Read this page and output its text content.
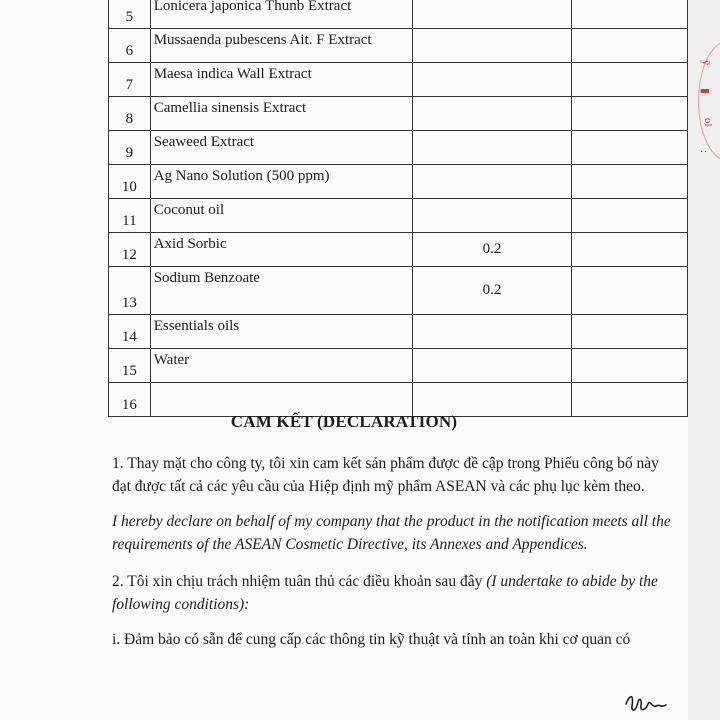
5	Lonicera japonica Thunb Extract		
6	Mussaenda pubescens Ait. F Extract		
7	Maesa indica Wall Extract		
8	Camellia sinensis Extract		
9	Seaweed Extract		
10	Ag Nano Solution (500 ppm)		
11	Coconut oil		
12	Axid Sorbic	0.2	
13	Sodium Benzoate	0.2	
14	Essentials oils		
15	Water		
16			
CAM KẾT (DECLARATION)
1. Thay mặt cho công ty, tôi xin cam kết sản phẩm được đề cập trong Phiếu công bố này đạt được tất cả các yêu cầu của Hiệp định mỹ phẩm ASEAN và các phụ lục kèm theo.
I hereby declare on behalf of my company that the product in the notification meets all the requirements of the ASEAN Cosmetic Directive, its Annexes and Appendices.
2. Tôi xin chịu trách nhiệm tuân thủ các điều khoản sau đây (I undertake to abide by the following conditions):
i. Đảm bảo có sẵn để cung cấp các thông tin kỹ thuật và tính an toàn khi cơ quan có
ỹ
▮
ol
:
